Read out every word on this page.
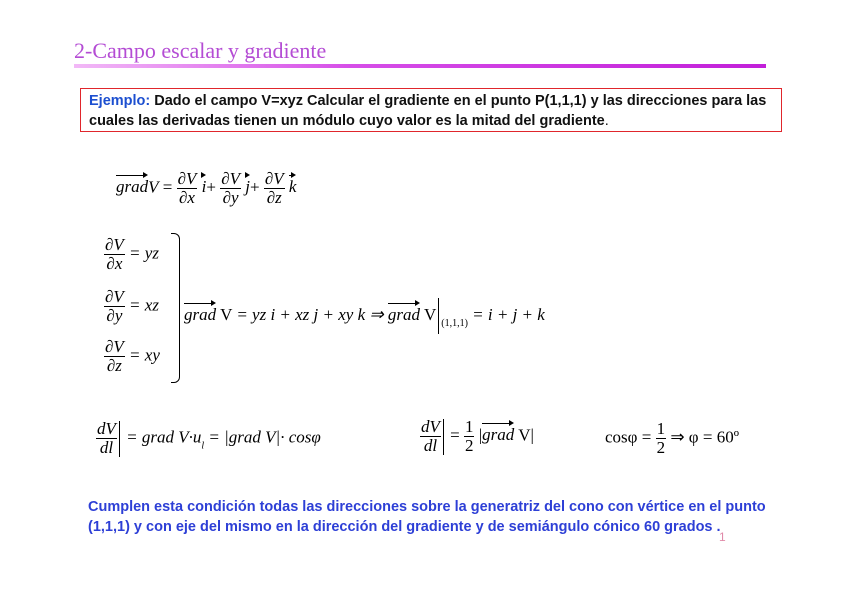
2-Campo escalar y gradiente
Ejemplo: Dado el campo V=xyz Calcular el gradiente en el punto P(1,1,1) y las direcciones para las cuales las derivadas tienen un módulo cuyo valor es la mitad del gradiente.
gradV = $\frac{\partial V}{\partial x} i+ \frac{\partial V}{\partial y} j+ \frac{\partial V}{\partial z}$ k
$\frac{\partial V}{\partial x}$ = yz
$\frac{\partial V}{\partial y}$ = xz
$\frac{\partial V}{\partial z}$ = xy
grad V = yz i + xz j + xy k ⇒ grad V $_{(1,1,1)}$ = i + j + k
$\frac{dV}{dl}$ = grad $V\cdot u_l$ = |grad V|· cosφ	$\frac{dV}{dl} = \frac{1}{2}$ |grad V|	$\cos\varphi = \frac{1}{2}$ ⇒ φ = 60º
Cumplen esta condición todas las direcciones sobre la generatriz del cono con vértice en el punto (1,1,1) y con eje del mismo en la dirección del gradiente y de semiángulo cónico 60 grados .
1
